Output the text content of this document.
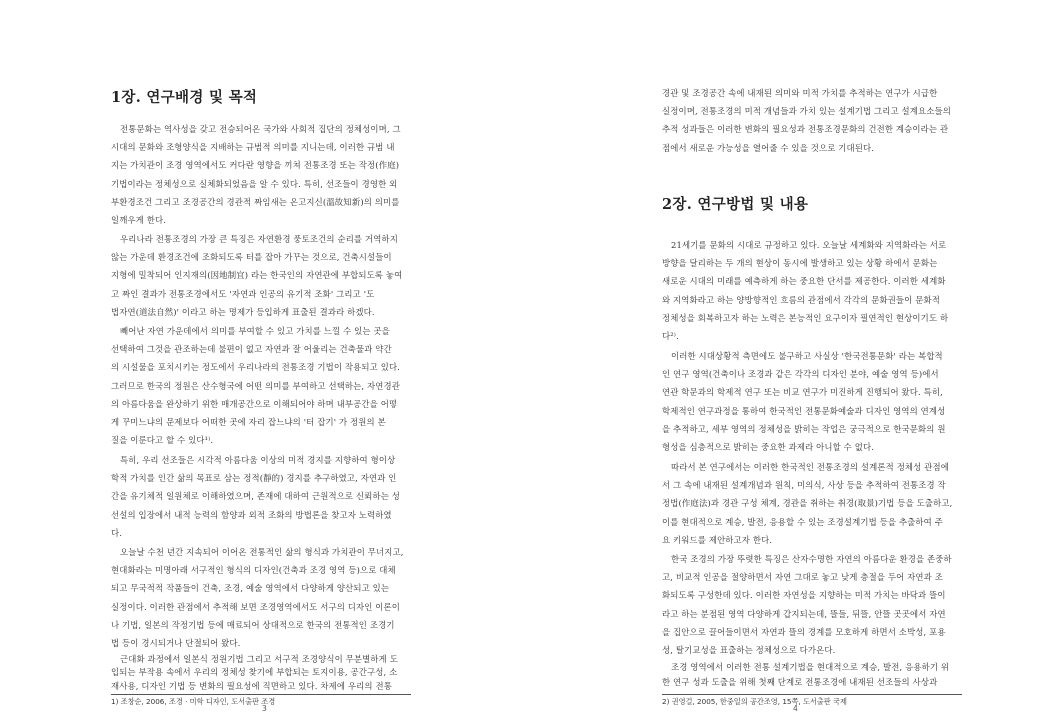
1장. 연구배경 및 목적
전통문화는 역사성을 갖고 전승되어온 국가와 사회적 집단의 정체성이며, 그
시대의 문화와 조형양식을 지배하는 규범적 의미를 지니는데, 이러한 규범 내
지는 가치관이 조경 영역에서도 커다란 영향을 끼쳐 전통조경 또는 작정(作庭)
기법이라는 정체성으로 실체화되었음을 알 수 있다. 특히, 선조들이 경영한 외
부환경조건 그리고 조경공간의 경관적 짜임새는 온고지신(溫故知新)의 의미를
일깨우게 한다.
우리나라 전통조경의 가장 큰 특징은 자연환경 풍토조건의 순리를 거역하지
않는 가운데 환경조건에 조화되도록 터를 잡아 가꾸는 것으로, 건축시설들이
지형에 밀착되어 인지재의(因地制宜) 라는 한국인의 자연관에 부합되도록 놓여
고 짜인 결과가 전통조경에서도 '자연과 인공의 유기적 조화' 그리고 '도
법자연(道法自然)' 이라고 하는 명제가 등입하게 표출된 결과라 하겠다.
빼어난 자연 가운데에서 의미를 부여할 수 있고 가치를 느낄 수 있는 곳을
선택하여 그것을 관조하는데 불편이 없고 자연과 잘 어울리는 건축물과 약간
의 시설물을 포치시키는 정도에서 우리나라의 전통조경 기법이 작용되고 있다.
그러므로 한국의 정원은 산수형국에 어떤 의미를 부여하고 선택하는, 자연경관
의 아름다움을 완상하기 위한 매개공간으로 이해되어야 하며 내부공간을 어떻
게 꾸미느냐의 문제보다 어떠한 곳에 자리 잡느냐의 '터 잡기' 가 정원의 본
질을 이룬다고 할 수 있다¹⁾.
특히, 우리 선조들은 시각적 아름다움 이상의 미적 경지를 지향하여 형이상
학적 가치를 인간 삶의 목표로 삼는 정적(靜的) 경지를 추구하였고, 자연과 인
간을 유기체적 일원체로 이해하였으며, 존재에 대하여 근원적으로 신뢰하는 성
선설의 입장에서 내적 능력의 함양과 외적 조화의 방법론을 찾고자 노력하였
다.
오늘날 수천 년간 지속되어 이어온 전통적인 삶의 형식과 가치관이 무너지고,
현대화라는 미명아래 서구적인 형식의 디자인(건축과 조경 영역 등)으로 대체
되고 무국적적 작품들이 건축, 조경, 예술 영역에서 다양하게 양산되고 있는
실정이다. 이러한 관점에서 추적해 보면 조경영역에서도 서구의 디자인 이론이
나 기법, 일본의 작정기법 등에 매료되어 상대적으로 한국의 전통적인 조경기
법 등이 경시되거나 단절되어 왔다.
근대화 과정에서 일본식 정원기법 그리고 서구적 조경양식이 무분별하게 도
입되는 부작용 속에서 우리의 정체성 찾기에 부합되는 토지이용, 공간구성, 소
재사용, 디자인 기법 등 변화의 필요성에 직면하고 있다. 차제에 우리의 전통
1) 조창순, 2006, 조경 · 미학 디자인, 도서출판 조경
3
경관 및 조경공간 속에 내재된 의미와 미적 가치를 추적하는 연구가 시급한
실정이며, 전통조경의 미적 개념들과 가치 있는 설계기법 그리고 설계요소들의
추적 성과들은 이러한 변화의 필요성과 전통조경문화의 건전한 계승이라는 관
점에서 새로운 가능성을 열어줄 수 있을 것으로 기대된다.
2장. 연구방법 및 내용
21세기를 문화의 시대로 규정하고 있다. 오늘날 세계화와 지역화라는 서로
방향을 달리하는 두 개의 현상이 동시에 발생하고 있는 상황 하에서 문화는
새로운 시대의 미래를 예측하게 하는 중요한 단서를 제공한다. 이러한 세계화
와 지역화라고 하는 양방향적인 흐름의 관점에서 각각의 문화권들이 문화적
정체성을 회복하고자 하는 노력은 본능적인 요구이자 필연적인 현상이기도 하
다²⁾.
이러한 시대상황적 측면에도 불구하고 사실상 '한국전통문화' 라는 복합적
인 연구 영역(건축이나 조경과 같은 각각의 디자인 분야, 예술 영역 등)에서
연관 학문과의 학제적 연구 또는 비교 연구가 미진하게 진행되어 왔다. 특히,
학제적인 연구과정을 통하여 한국적인 전통문화예술과 디자인 영역의 연계성
을 추적하고, 세부 영역의 정체성을 밝히는 작업은 궁극적으로 한국문화의 원
형성을 심층적으로 밝히는 중요한 과제라 아니할 수 없다.
따라서 본 연구에서는 이러한 한국적인 전통조경의 설계론적 정체성 관점에
서 그 속에 내재된 설계개념과 원칙, 미의식, 사상 등을 추적하여 전통조경 작
정법(作庭法)과 경관 구성 체계, 경관을 취하는 취경(取景)기법 등을 도출하고,
이를 현대적으로 계승, 발전, 응용할 수 있는 조경설계기법 등을 추출하여 주
요 키워드를 제안하고자 한다.
한국 조경의 가장 뚜렷한 특징은 산자수명한 자연의 아름다운 환경을 존중하
고, 비교적 인공을 절양하면서 자연 그대로 놓고 낮게 층절을 두어 자연과 조
화되도록 구성한데 있다. 이러한 자연성을 지향하는 미적 가치는 바닥과 뜰이
라고 하는 분점된 영역 다양하게 갑지되는데, 뜰들, 뒤뜰, 안뜰 곳곳에서 자연
을 집안으로 끌어들이면서 자연과 뜰의 경계를 모호하게 하면서 소박성, 포용
성, 탈기교성을 표출하는 정체성으로 다가온다.
조경 영역에서 이러한 전통 설계기법을 현대적으로 계승, 발전, 응용하기 위
한 연구 성과 도출을 위해 첫째 단계로 전통조경에 내재된 선조들의 사상과
2) 권영걸, 2005, 한중일의 공간조영, 15쪽, 도서출판 국제
4
